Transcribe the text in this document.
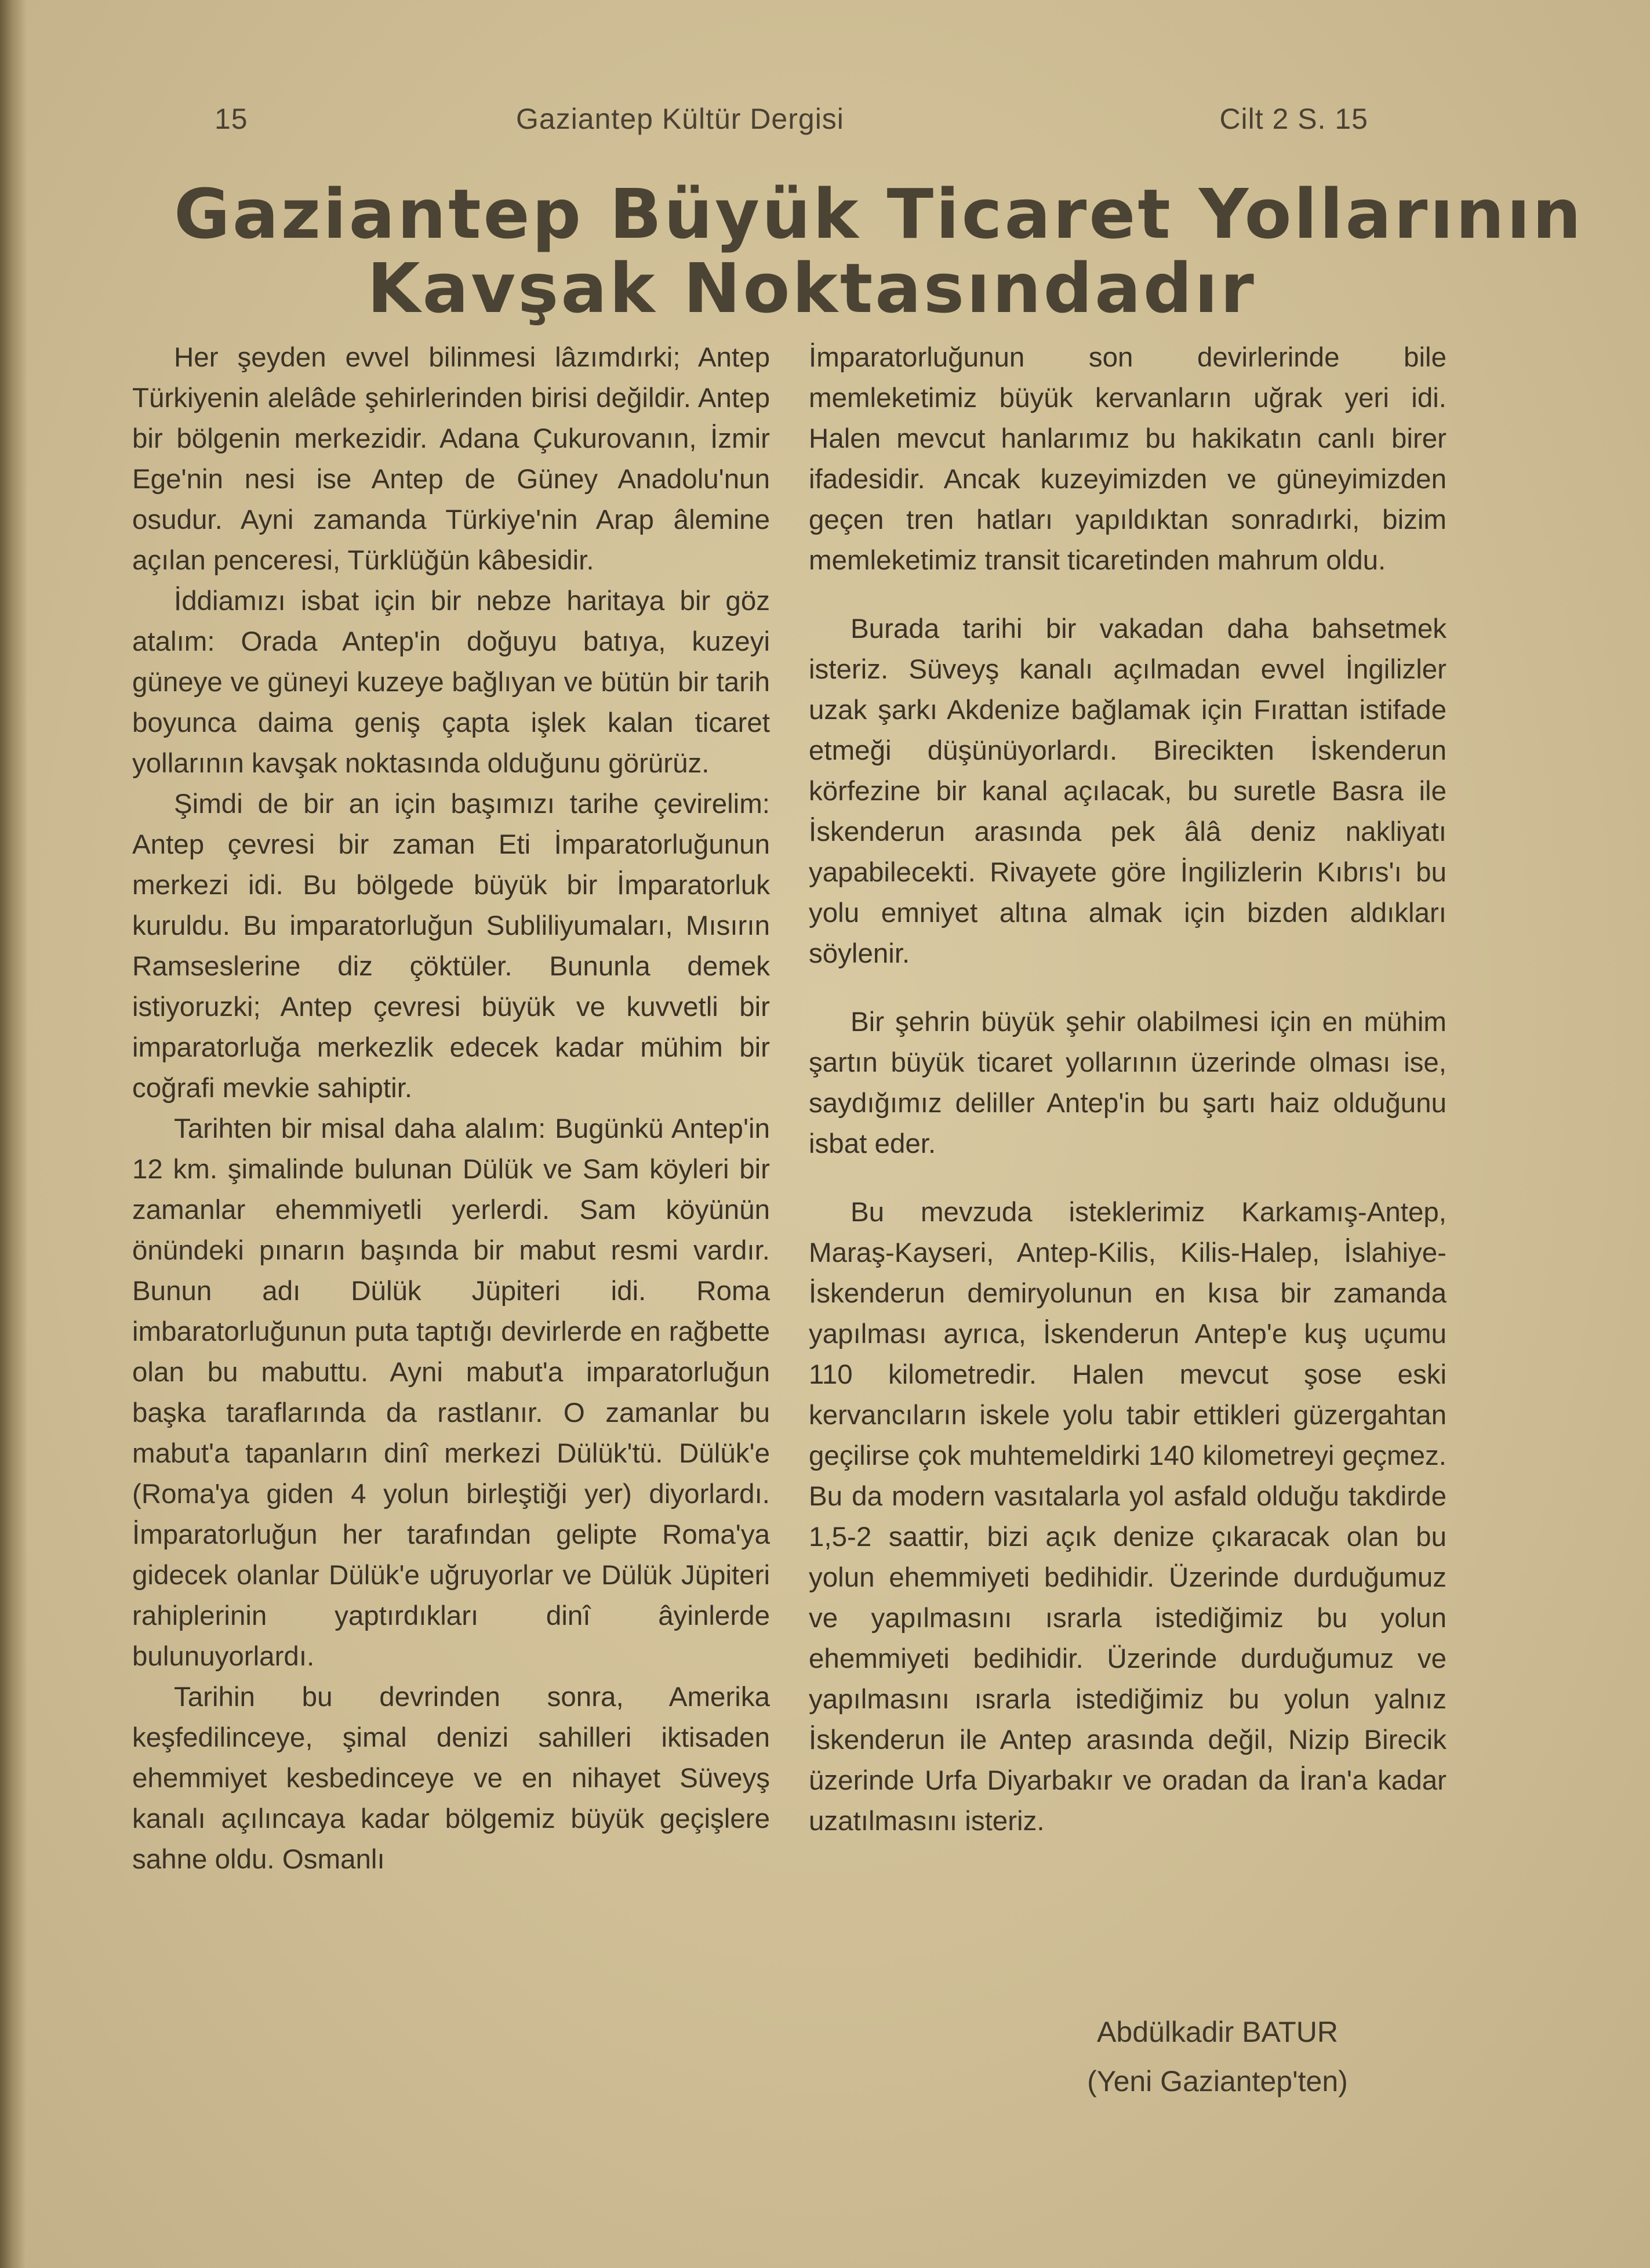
15	Gaziantep Kültür Dergisi	Cilt 2 S. 15
Gaziantep Büyük Ticaret Yollarının
Kavşak Noktasındadır

Her şeyden evvel bilinmesi lâzımdırki; Antep Türkiyenin alelâde şehirlerinden birisi değildir. Antep bir bölgenin merkezidir. Adana Çukurovanın, İzmir Ege'nin nesi ise Antep de Güney Anadolu'nun osudur. Ayni zamanda Türkiye'nin Arap âlemine açılan penceresi, Türklüğün kâbesidir.

İddiamızı isbat için bir nebze haritaya bir göz atalım: Orada Antep'in doğuyu batıya, kuzeyi güneye ve güneyi kuzeye bağlıyan ve bütün bir tarih boyunca daima geniş çapta işlek kalan ticaret yollarının kavşak noktasında olduğunu görürüz.

Şimdi de bir an için başımızı tarihe çevirelim: Antep çevresi bir zaman Eti İmparatorluğunun merkezi idi. Bu bölgede büyük bir İmparatorluk kuruldu. Bu imparatorluğun Subliliyumaları, Mısırın Ramseslerine diz çöktüler. Bununla demek istiyoruzki; Antep çevresi büyük ve kuvvetli bir imparatorluğa merkezlik edecek kadar mühim bir coğrafi mevkie sahiptir.

Tarihten bir misal daha alalım: Bugünkü Antep'in 12 km. şimalinde bulunan Dülük ve Sam köyleri bir zamanlar ehemmiyetli yerlerdi. Sam köyünün önündeki pınarın başında bir mabut resmi vardır. Bunun adı Dülük Jüpiteri idi. Roma imbaratorluğunun puta taptığı devirlerde en rağbette olan bu mabuttu. Ayni mabut'a imparatorluğun başka taraflarında da rastlanır. O zamanlar bu mabut'a tapanların dinî merkezi Dülük'tü. Dülük'e (Roma'ya giden 4 yolun birleştiği yer) diyorlardı. İmparatorluğun her tarafından gelipte Roma'ya gidecek olanlar Dülük'e uğruyorlar ve Dülük Jüpiteri rahiplerinin yaptırdıkları dinî âyinlerde bulunuyorlardı.

Tarihin bu devrinden sonra, Amerika keşfedilinceye, şimal denizi sahilleri iktisaden ehemmiyet kesbedinceye ve en nihayet Süveyş kanalı açılıncaya kadar bölgemiz büyük geçişlere sahne oldu. Osmanlı

İmparatorluğunun son devirlerinde bile memleketimiz büyük kervanların uğrak yeri idi. Halen mevcut hanlarımız bu hakikatın canlı birer ifadesidir. Ancak kuzeyimizden ve güneyimizden geçen tren hatları yapıldıktan sonradırki, bizim memleketimiz transit ticaretinden mahrum oldu.

Burada tarihi bir vakadan daha bahsetmek isteriz. Süveyş kanalı açılmadan evvel İngilizler uzak şarkı Akdenize bağlamak için Fırattan istifade etmeği düşünüyorlardı. Birecikten İskenderun körfezine bir kanal açılacak, bu suretle Basra ile İskenderun arasında pek âlâ deniz nakliyatı yapabilecekti. Rivayete göre İngilizlerin Kıbrıs'ı bu yolu emniyet altına almak için bizden aldıkları söylenir.

Bir şehrin büyük şehir olabilmesi için en mühim şartın büyük ticaret yollarının üzerinde olması ise, saydığımız deliller Antep'in bu şartı haiz olduğunu isbat eder.

Bu mevzuda isteklerimiz Karkamış-Antep, Maraş-Kayseri, Antep-Kilis, Kilis-Halep, İslahiye-İskenderun demiryolunun en kısa bir zamanda yapılması ayrıca, İskenderun Antep'e kuş uçumu 110 kilometredir. Halen mevcut şose eski kervancıların iskele yolu tabir ettikleri güzergahtan geçilirse çok muhtemeldirki 140 kilometreyi geçmez. Bu da modern vasıtalarla yol asfald olduğu takdirde 1,5-2 saattir, bizi açık denize çıkaracak olan bu yolun ehemmiyeti bedihidir. Üzerinde durduğumuz ve yapılmasını ısrarla istediğimiz bu yolun ehemmiyeti bedihidir. Üzerinde durduğumuz ve yapılmasını ısrarla istediğimiz bu yolun yalnız İskenderun ile Antep arasında değil, Nizip Birecik üzerinde Urfa Diyarbakır ve oradan da İran'a kadar uzatılmasını isteriz.

Abdülkadir BATUR
(Yeni Gaziantep'ten)
